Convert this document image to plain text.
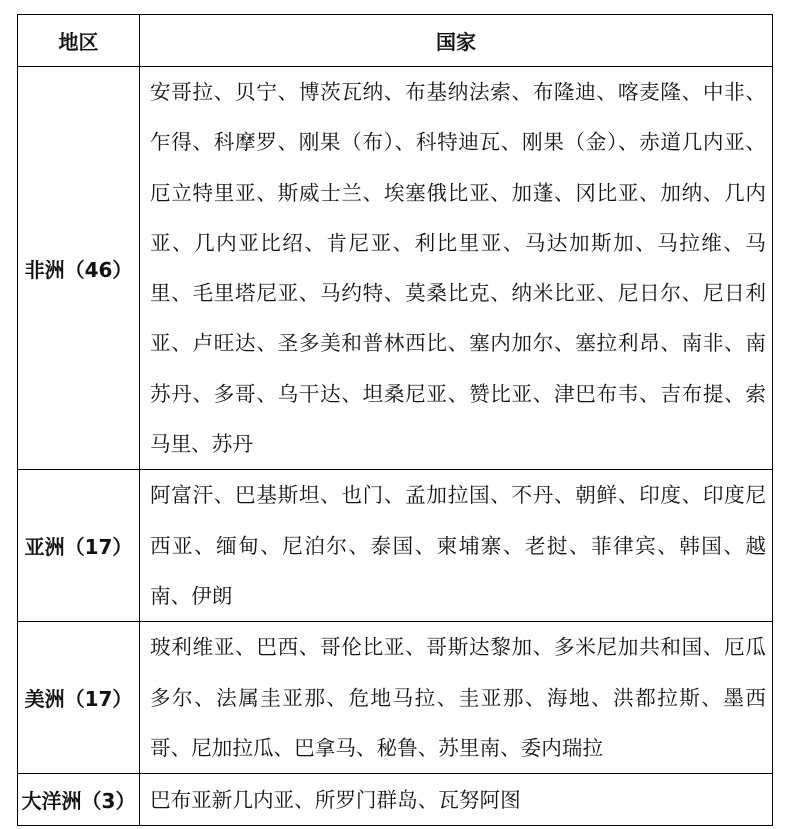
地区	国家
非洲（46）	安哥拉、贝宁、博茨瓦纳、布基纳法索、布隆迪、喀麦隆、中非、乍得、科摩罗、刚果（布）、科特迪瓦、刚果（金）、赤道几内亚、厄立特里亚、斯威士兰、埃塞俄比亚、加蓬、冈比亚、加纳、几内亚、几内亚比绍、肯尼亚、利比里亚、马达加斯加、马拉维、马里、毛里塔尼亚、马约特、莫桑比克、纳米比亚、尼日尔、尼日利亚、卢旺达、圣多美和普林西比、塞内加尔、塞拉利昂、南非、南苏丹、多哥、乌干达、坦桑尼亚、赞比亚、津巴布韦、吉布提、索马里、苏丹
亚洲（17）	阿富汗、巴基斯坦、也门、孟加拉国、不丹、朝鲜、印度、印度尼西亚、缅甸、尼泊尔、泰国、柬埔寨、老挝、菲律宾、韩国、越南、伊朗
美洲（17）	玻利维亚、巴西、哥伦比亚、哥斯达黎加、多米尼加共和国、厄瓜多尔、法属圭亚那、危地马拉、圭亚那、海地、洪都拉斯、墨西哥、尼加拉瓜、巴拿马、秘鲁、苏里南、委内瑞拉
大洋洲（3）	巴布亚新几内亚、所罗门群岛、瓦努阿图
